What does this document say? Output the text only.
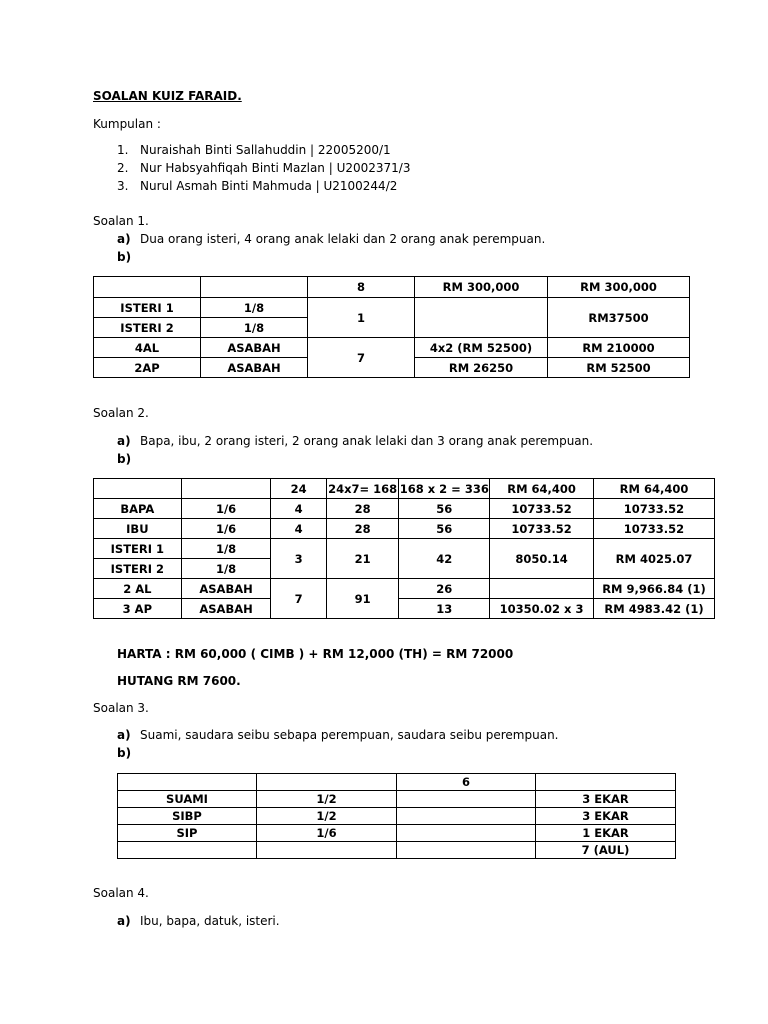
SOALAN KUIZ FARAID.
Kumpulan :
1. Nuraishah Binti Sallahuddin | 22005200/1
2. Nur Habsyahfiqah Binti Mazlan | U2002371/3
3. Nurul Asmah Binti Mahmuda | U2100244/2
Soalan 1.
a) Dua orang isteri, 4 orang anak lelaki dan 2 orang anak perempuan.
b)
		8	RM 300,000	RM 300,000
ISTERI 1	1/8	1		RM37500
ISTERI 2	1/8			
4AL	ASABAH	7	4x2 (RM 52500)	RM 210000
2AP	ASABAH		RM 26250	RM 52500
Soalan 2.
a) Bapa, ibu, 2 orang isteri, 2 orang anak lelaki dan 3 orang anak perempuan.
b)
		24	24x7= 168	168 x 2 = 336	RM 64,400	RM 64,400
BAPA	1/6	4	28	56	10733.52	10733.52
IBU	1/6	4	28	56	10733.52	10733.52
ISTERI 1	1/8	3	21	42	8050.14	RM 4025.07
ISTERI 2	1/8					
2 AL	ASABAH	7	91	26		RM 9,966.84 (1)
3 AP	ASABAH			13	10350.02 x 3	RM 4983.42 (1)
HARTA : RM 60,000 ( CIMB ) + RM 12,000 (TH) = RM 72000
HUTANG RM 7600.
Soalan 3.
a) Suami, saudara seibu sebapa perempuan, saudara seibu perempuan.
b)
		6	
SUAMI	1/2		3 EKAR
SIBP	1/2		3 EKAR
SIP	1/6		1 EKAR
			7 (AUL)
Soalan 4.
a) Ibu, bapa, datuk, isteri.
